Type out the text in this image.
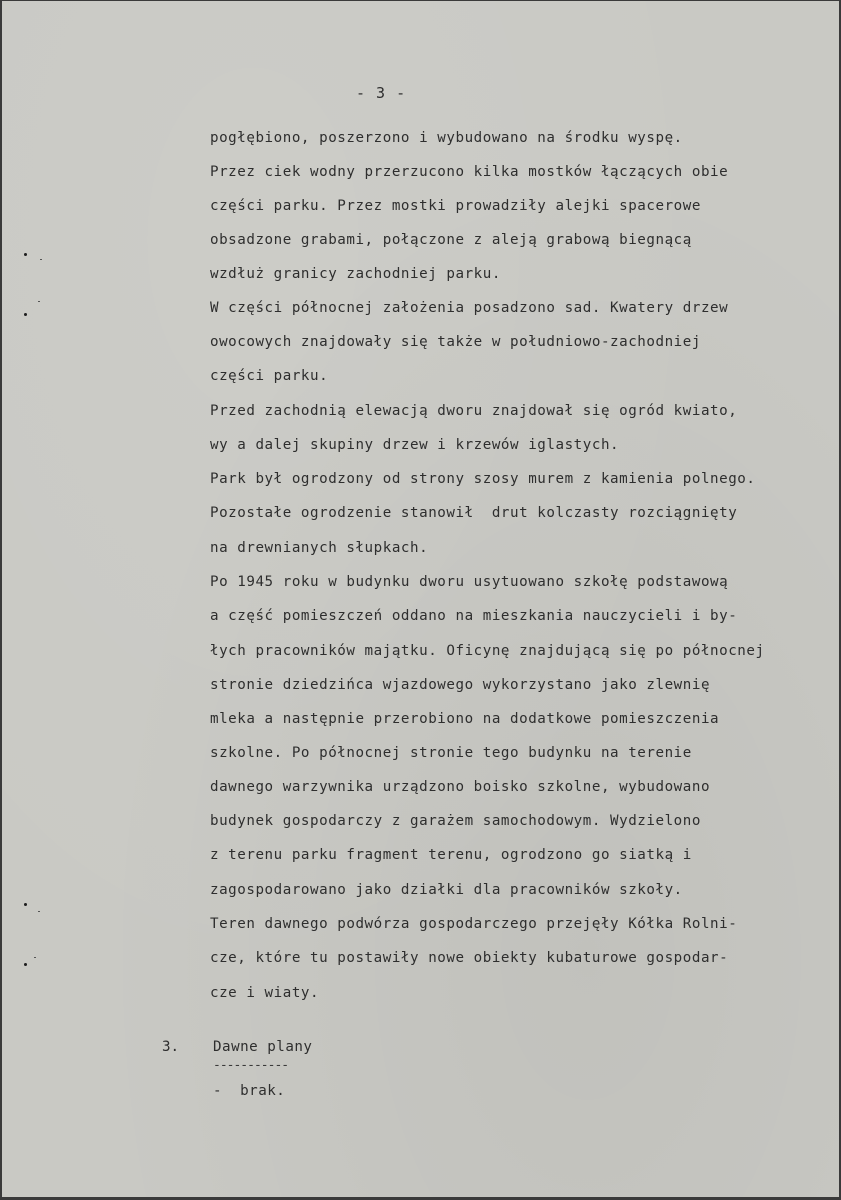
- 3 -
pogłębiono, poszerzono i wybudowano na środku wyspę.
Przez ciek wodny przerzucono kilka mostków łączących obie
części parku. Przez mostki prowadziły alejki spacerowe
obsadzone grabami, połączone z aleją grabową biegnącą
wzdłuż granicy zachodniej parku.
W części północnej założenia posadzono sad. Kwatery drzew
owocowych znajdowały się także w południowo-zachodniej
części parku.
Przed zachodnią elewacją dworu znajdował się ogród kwiato,
wy a dalej skupiny drzew i krzewów iglastych.
Park był ogrodzony od strony szosy murem z kamienia polnego.
Pozostałe ogrodzenie stanowił  drut kolczasty rozciągnięty
na drewnianych słupkach.
Po 1945 roku w budynku dworu usytuowano szkołę podstawową
a część pomieszczeń oddano na mieszkania nauczycieli i by-
łych pracowników majątku. Oficynę znajdującą się po północnej
stronie dziedzińca wjazdowego wykorzystano jako zlewnię
mleka a następnie przerobiono na dodatkowe pomieszczenia
szkolne. Po północnej stronie tego budynku na terenie
dawnego warzywnika urządzono boisko szkolne, wybudowano
budynek gospodarczy z garażem samochodowym. Wydzielono
z terenu parku fragment terenu, ogrodzono go siatką i
zagospodarowano jako działki dla pracowników szkoły.
Teren dawnego podwórza gospodarczego przejęły Kółka Rolni-
cze, które tu postawiły nowe obiekty kubaturowe gospodar-
cze i wiaty.
3. Dawne plany
-----------
-  brak.
